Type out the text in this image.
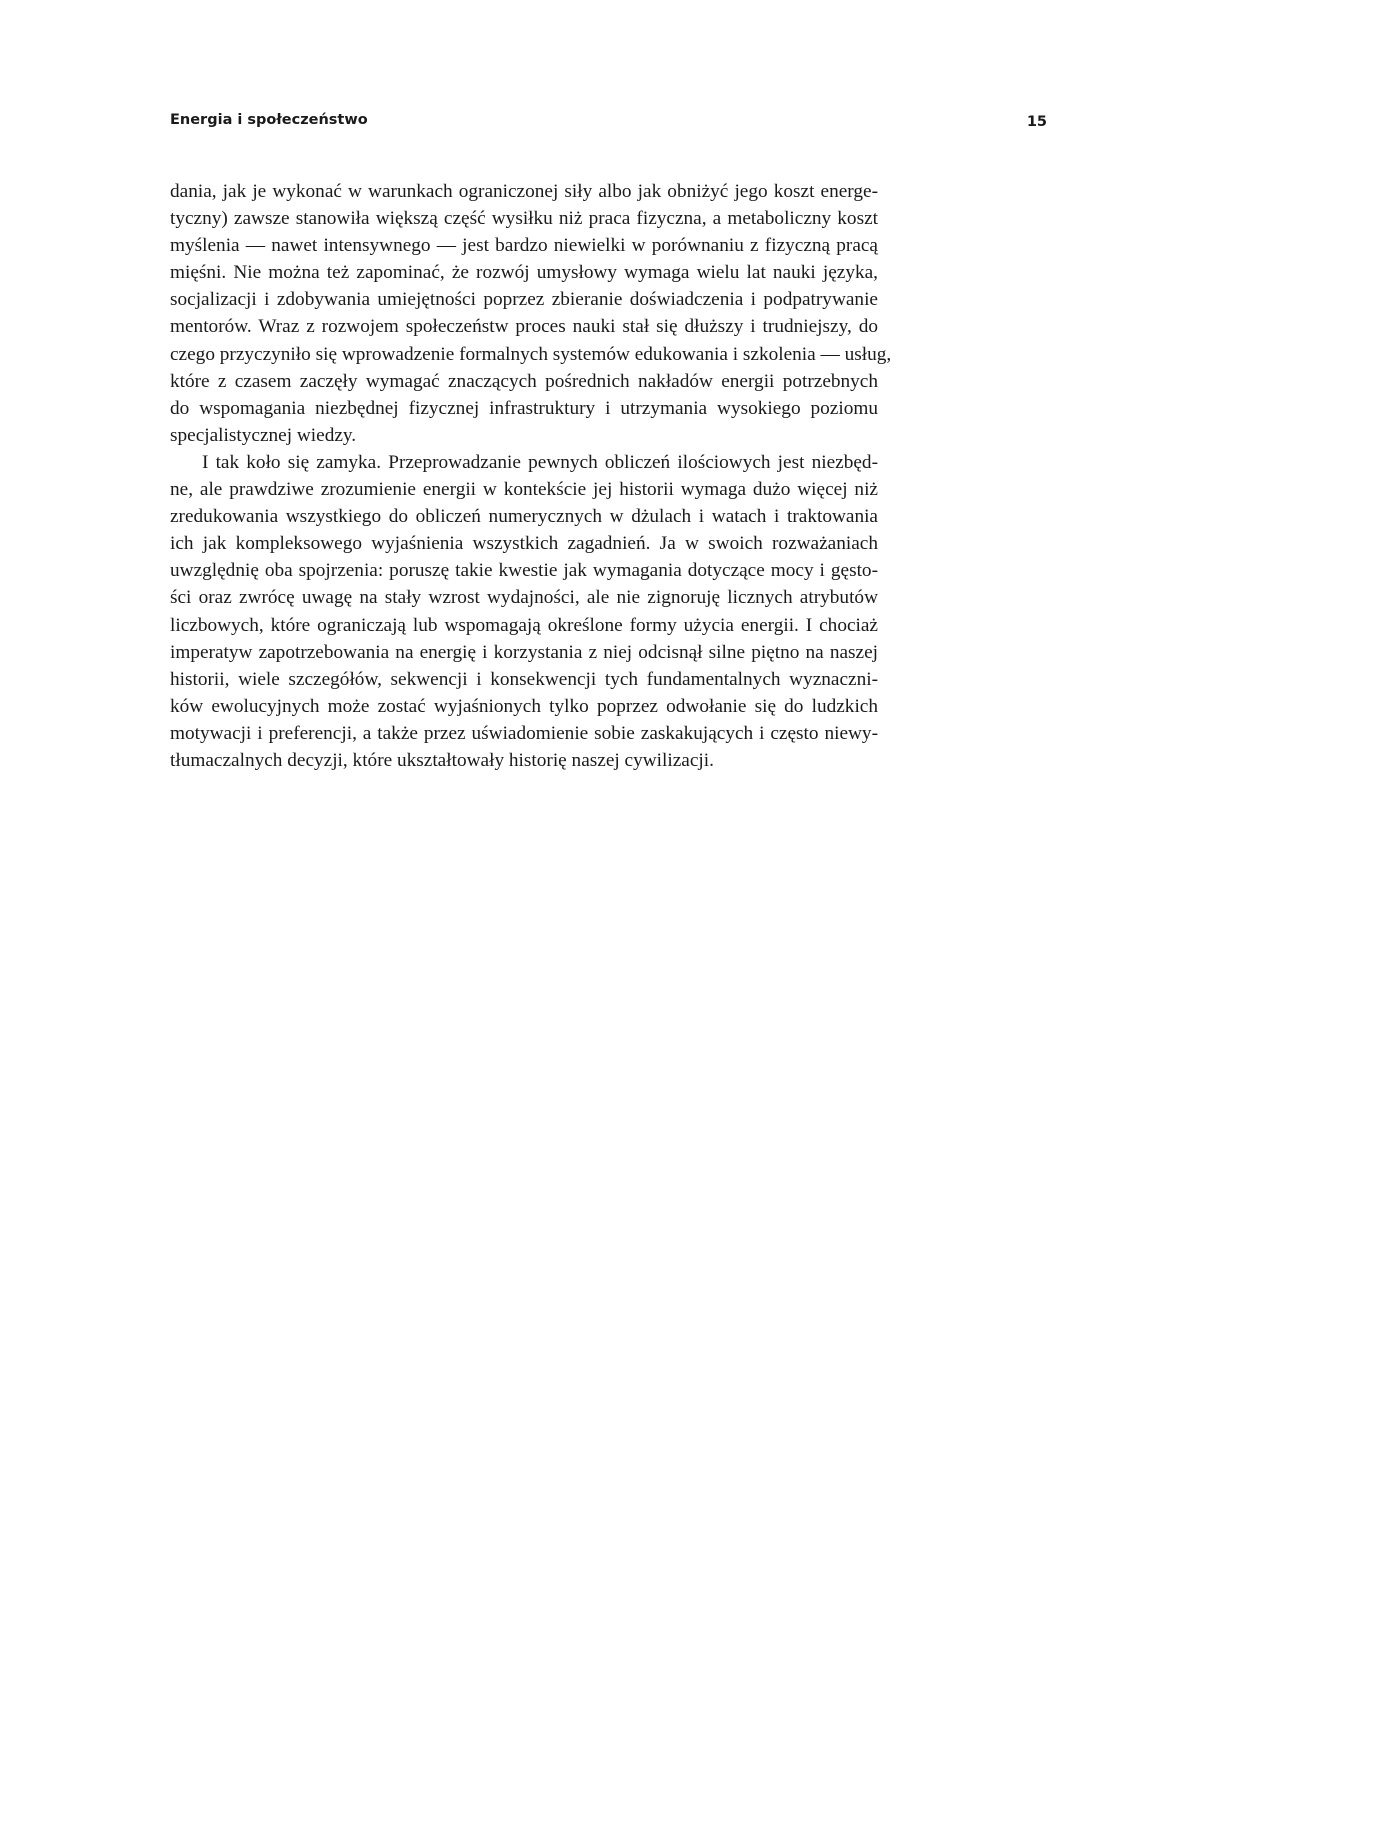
Energia i społeczeństwo	15
dania, jak je wykonać w warunkach ograniczonej siły albo jak obniżyć jego koszt energe-
tyczny) zawsze stanowiła większą część wysiłku niż praca fizyczna, a metaboliczny koszt
myślenia — nawet intensywnego — jest bardzo niewielki w porównaniu z fizyczną pracą
mięśni. Nie można też zapominać, że rozwój umysłowy wymaga wielu lat nauki języka,
socjalizacji i zdobywania umiejętności poprzez zbieranie doświadczenia i podpatrywanie
mentorów. Wraz z rozwojem społeczeństw proces nauki stał się dłuższy i trudniejszy, do
czego przyczyniło się wprowadzenie formalnych systemów edukowania i szkolenia — usług,
które z czasem zaczęły wymagać znaczących pośrednich nakładów energii potrzebnych
do wspomagania niezbędnej fizycznej infrastruktury i utrzymania wysokiego poziomu
specjalistycznej wiedzy.
I tak koło się zamyka. Przeprowadzanie pewnych obliczeń ilościowych jest niezbęd-
ne, ale prawdziwe zrozumienie energii w kontekście jej historii wymaga dużo więcej niż
zredukowania wszystkiego do obliczeń numerycznych w dżulach i watach i traktowania
ich jak kompleksowego wyjaśnienia wszystkich zagadnień. Ja w swoich rozważaniach
uwzględnię oba spojrzenia: poruszę takie kwestie jak wymagania dotyczące mocy i gęsto-
ści oraz zwrócę uwagę na stały wzrost wydajności, ale nie zignoruję licznych atrybutów
liczbowych, które ograniczają lub wspomagają określone formy użycia energii. I chociaż
imperatyw zapotrzebowania na energię i korzystania z niej odcisnął silne piętno na naszej
historii, wiele szczegółów, sekwencji i konsekwencji tych fundamentalnych wyznaczni-
ków ewolucyjnych może zostać wyjaśnionych tylko poprzez odwołanie się do ludzkich
motywacji i preferencji, a także przez uświadomienie sobie zaskakujących i często niewy-
tłumaczalnych decyzji, które ukształtowały historię naszej cywilizacji.
